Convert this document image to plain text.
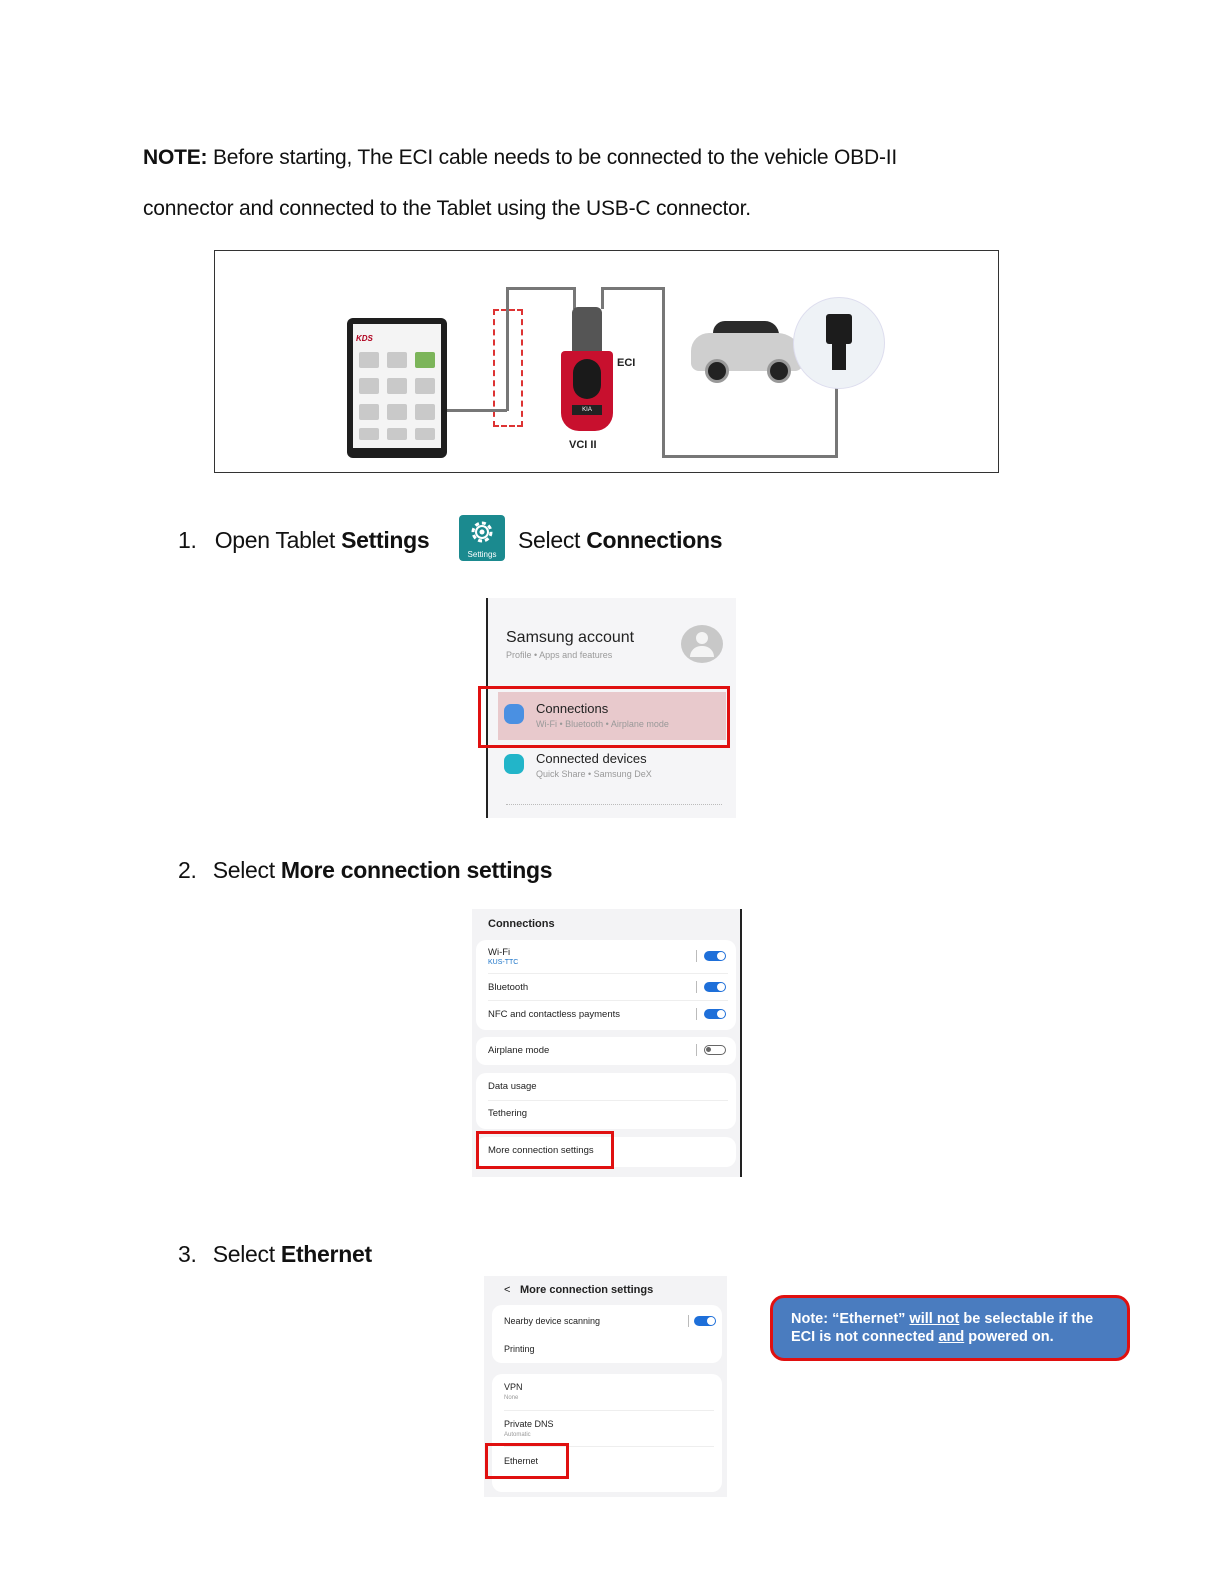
NOTE: Before starting, The ECI cable needs to be connected to the vehicle OBD-II
connector and connected to the Tablet using the USB-C connector.
KDS
KIA
ECI
VCI II
1. Open Tablet Settings
Settings
Select Connections
Samsung account
Profile • Apps and features
Connections
Wi-Fi • Bluetooth • Airplane mode
Connected devices
Quick Share • Samsung DeX
2. Select More connection settings
Connections
Wi-Fi
KUS-TTC
Bluetooth
NFC and contactless payments
Airplane mode
Data usage
Tethering
More connection settings
3. Select Ethernet
< More connection settings
Nearby device scanning
Printing
VPN
None
Private DNS
Automatic
Ethernet

Note: “Ethernet” will not be selectable if the ECI is not connected and powered on.
